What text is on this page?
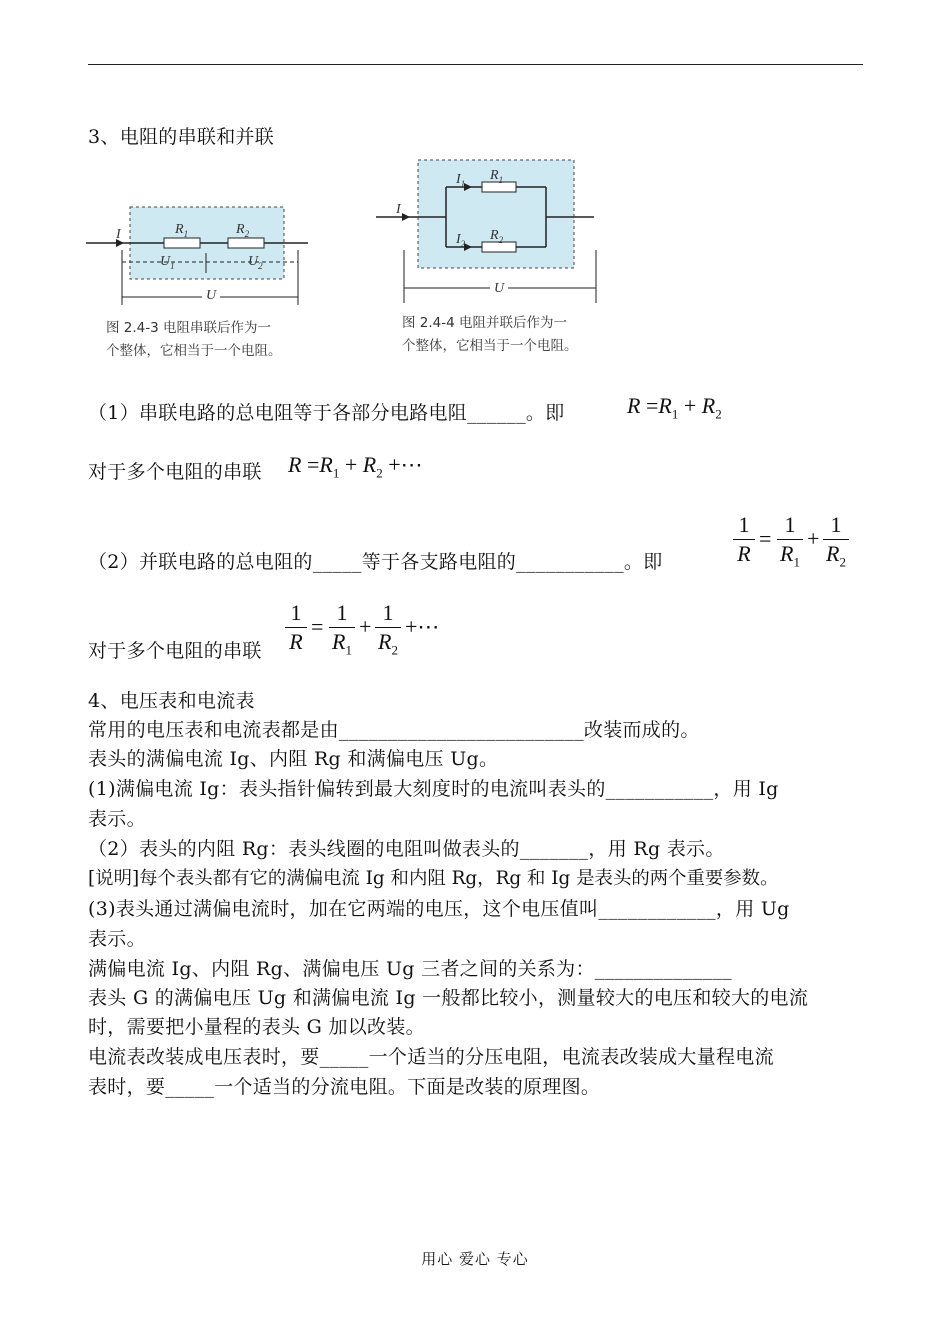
3、电阻的串联和并联
I	$R_1$	$R_2$
$U_1$	$U_2$
U
图 2.4-3 电阻串联后作为一
个整体，它相当于一个电阻。
I
$I_1$
$R_1$
$I_2$
$R_2$
U
图 2.4-4 电阻并联后作为一
个整体，它相当于一个电阻。
（1）串联电路的总电阻等于各部分电路电阻______。即	$R =R_1 + R_2$
对于多个电阻的串联 $R =R_1 + R_2$ +⋯
（2）并联电路的总电阻的_____等于各支路电阻的___________。即
1
R
=
1
$R_1$
+
1
$R_2$
对于多个电阻的串联
1
R
=
1
$R_1$
+
1
$R_2$
+⋯
4、电压表和电流表
常用的电压表和电流表都是由_________________________改装而成的。
表头的满偏电流 Ig、内阻 Rg 和满偏电压 Ug。
(1)满偏电流 Ig：表头指针偏转到最大刻度时的电流叫表头的___________，用 Ig
表示。
（2）表头的内阻 Rg：表头线圈的电阻叫做表头的_______，用 Rg 表示。
[说明]每个表头都有它的满偏电流 Ig 和内阻 Rg，Rg 和 Ig 是表头的两个重要参数。
(3)表头通过满偏电流时，加在它两端的电压，这个电压值叫____________，用 Ug
表示。
满偏电流 Ig、内阻 Rg、满偏电压 Ug 三者之间的关系为：______________
表头 G 的满偏电压 Ug 和满偏电流 Ig 一般都比较小，测量较大的电压和较大的电流
时，需要把小量程的表头 G 加以改装。
电流表改装成电压表时，要_____一个适当的分压电阻，电流表改装成大量程电流
表时，要_____一个适当的分流电阻。下面是改装的原理图。
用心 爱心 专心
